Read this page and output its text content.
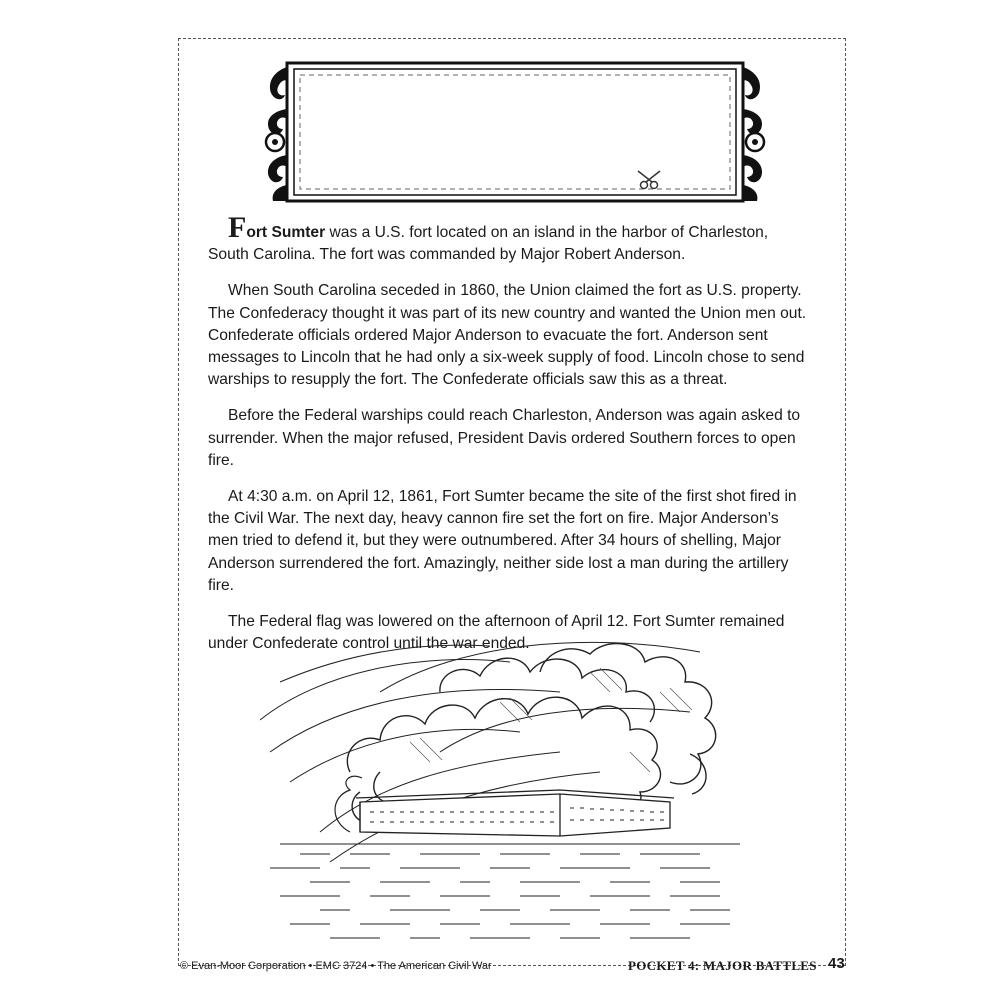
Fort Sumter was a U.S. fort located on an island in the harbor of Charleston, South Carolina. The fort was commanded by Major Robert Anderson.

When South Carolina seceded in 1860, the Union claimed the fort as U.S. property. The Confederacy thought it was part of its new country and wanted the Union men out. Confederate officials ordered Major Anderson to evacuate the fort. Anderson sent messages to Lincoln that he had only a six-week supply of food. Lincoln chose to send warships to resupply the fort. The Confederate officials saw this as a threat.

Before the Federal warships could reach Charleston, Anderson was again asked to surrender. When the major refused, President Davis ordered Southern forces to open fire.

At 4:30 a.m. on April 12, 1861, Fort Sumter became the site of the first shot fired in the Civil War. The next day, heavy cannon fire set the fort on fire. Major Anderson’s men tried to defend it, but they were outnumbered. After 34 hours of shelling, Major Anderson surrendered the fort. Amazingly, neither side lost a man during the artillery fire.

The Federal flag was lowered on the afternoon of April 12. Fort Sumter remained under Confederate control until the war ended.

© Evan-Moor Corporation • EMC 3724 • The American Civil War	POCKET 4: MAJOR BATTLES 43
